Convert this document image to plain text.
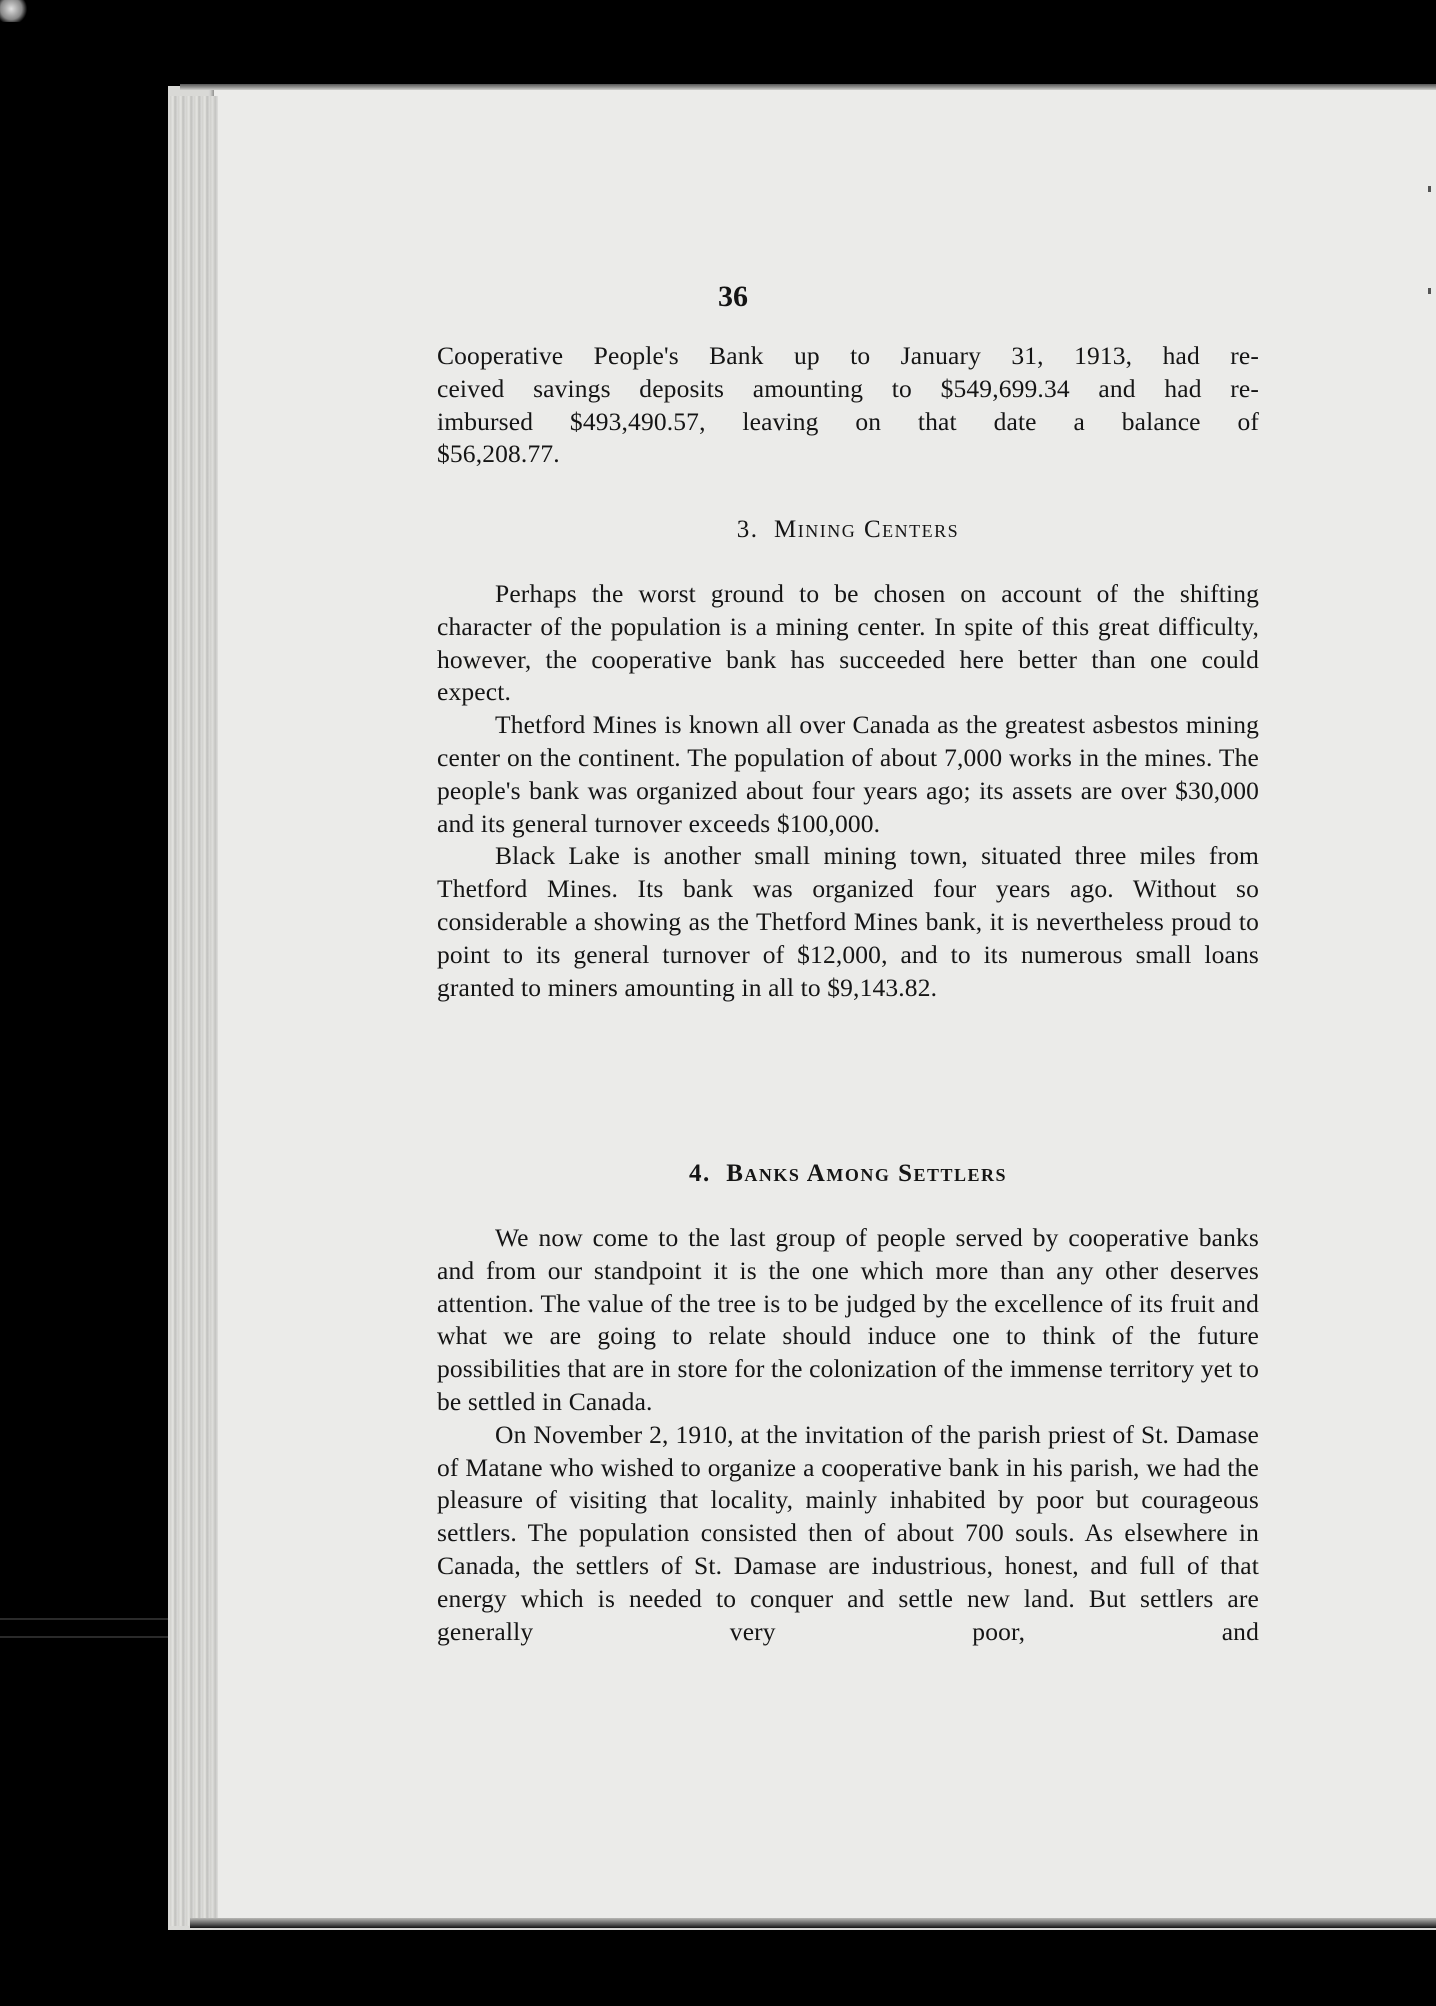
36
Cooperative People's Bank up to January 31, 1913, had re-
ceived savings deposits amounting to $549,699.34 and had re-
imbursed $493,490.57, leaving on that date a balance of
$56,208.77.
3. Mining Centers

Perhaps the worst ground to be chosen on account of the shifting character of the population is a mining center. In spite of this great difficulty, however, the cooperative bank has succeeded here better than one could expect.

Thetford Mines is known all over Canada as the greatest asbestos mining center on the continent. The population of about 7,000 works in the mines. The people's bank was organized about four years ago; its assets are over $30,000 and its general turnover exceeds $100,000.

Black Lake is another small mining town, situated three miles from Thetford Mines. Its bank was organized four years ago. Without so considerable a showing as the Thetford Mines bank, it is nevertheless proud to point to its general turnover of $12,000, and to its numerous small loans granted to miners amounting in all to $9,143.82.

4. Banks Among Settlers

We now come to the last group of people served by cooperative banks and from our standpoint it is the one which more than any other deserves attention. The value of the tree is to be judged by the excellence of its fruit and what we are going to relate should induce one to think of the future possibilities that are in store for the colonization of the immense territory yet to be settled in Canada.

On November 2, 1910, at the invitation of the parish priest of St. Damase of Matane who wished to organize a cooperative bank in his parish, we had the pleasure of visiting that locality, mainly inhabited by poor but courageous settlers. The population consisted then of about 700 souls. As elsewhere in Canada, the settlers of St. Damase are industrious, honest, and full of that energy which is needed to conquer and settle new land. But settlers are generally very poor, and
